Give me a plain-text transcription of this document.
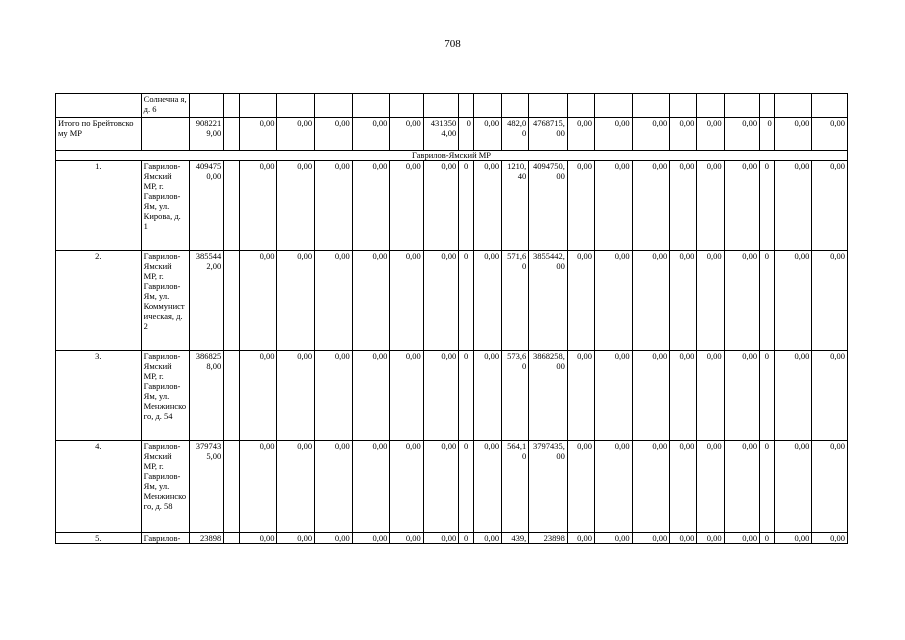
708
	Солнечна я, д. 6																					
Итого по Брейтовскому МР		9082219,00		0,00	0,00	0,00	0,00	0,00	4313504,00	0	0,00	482,00	4768715,00	0,00	0,00	0,00	0,00	0,00	0,00	0	0,00	0,00
Гаврилов-Ямский МР																						
1.	Гаврилов-Ямский МР, г. Гаврилов-Ям, ул. Кирова, д. 1	4094750,00		0,00	0,00	0,00	0,00	0,00	0,00	0	0,00	1210,40	4094750,00	0,00	0,00	0,00	0,00	0,00	0,00	0	0,00	0,00
2.	Гаврилов-Ямский МР, г. Гаврилов-Ям, ул. Коммунистическая, д. 2	3855442,00		0,00	0,00	0,00	0,00	0,00	0,00	0	0,00	571,60	3855442,00	0,00	0,00	0,00	0,00	0,00	0,00	0	0,00	0,00
3.	Гаврилов-Ямский МР, г. Гаврилов-Ям, ул. Менжинского, д. 54	3868258,00		0,00	0,00	0,00	0,00	0,00	0,00	0	0,00	573,60	3868258,00	0,00	0,00	0,00	0,00	0,00	0,00	0	0,00	0,00
4.	Гаврилов-Ямский МР, г. Гаврилов-Ям, ул. Менжинского, д. 58	3797435,00		0,00	0,00	0,00	0,00	0,00	0,00	0	0,00	564,10	3797435,00	0,00	0,00	0,00	0,00	0,00	0,00	0	0,00	0,00
5.	Гаврилов-	23898		0,00	0,00	0,00	0,00	0,00	0,00	0	0,00	439,	23898	0,00	0,00	0,00	0,00	0,00	0,00	0	0,00	0,00
